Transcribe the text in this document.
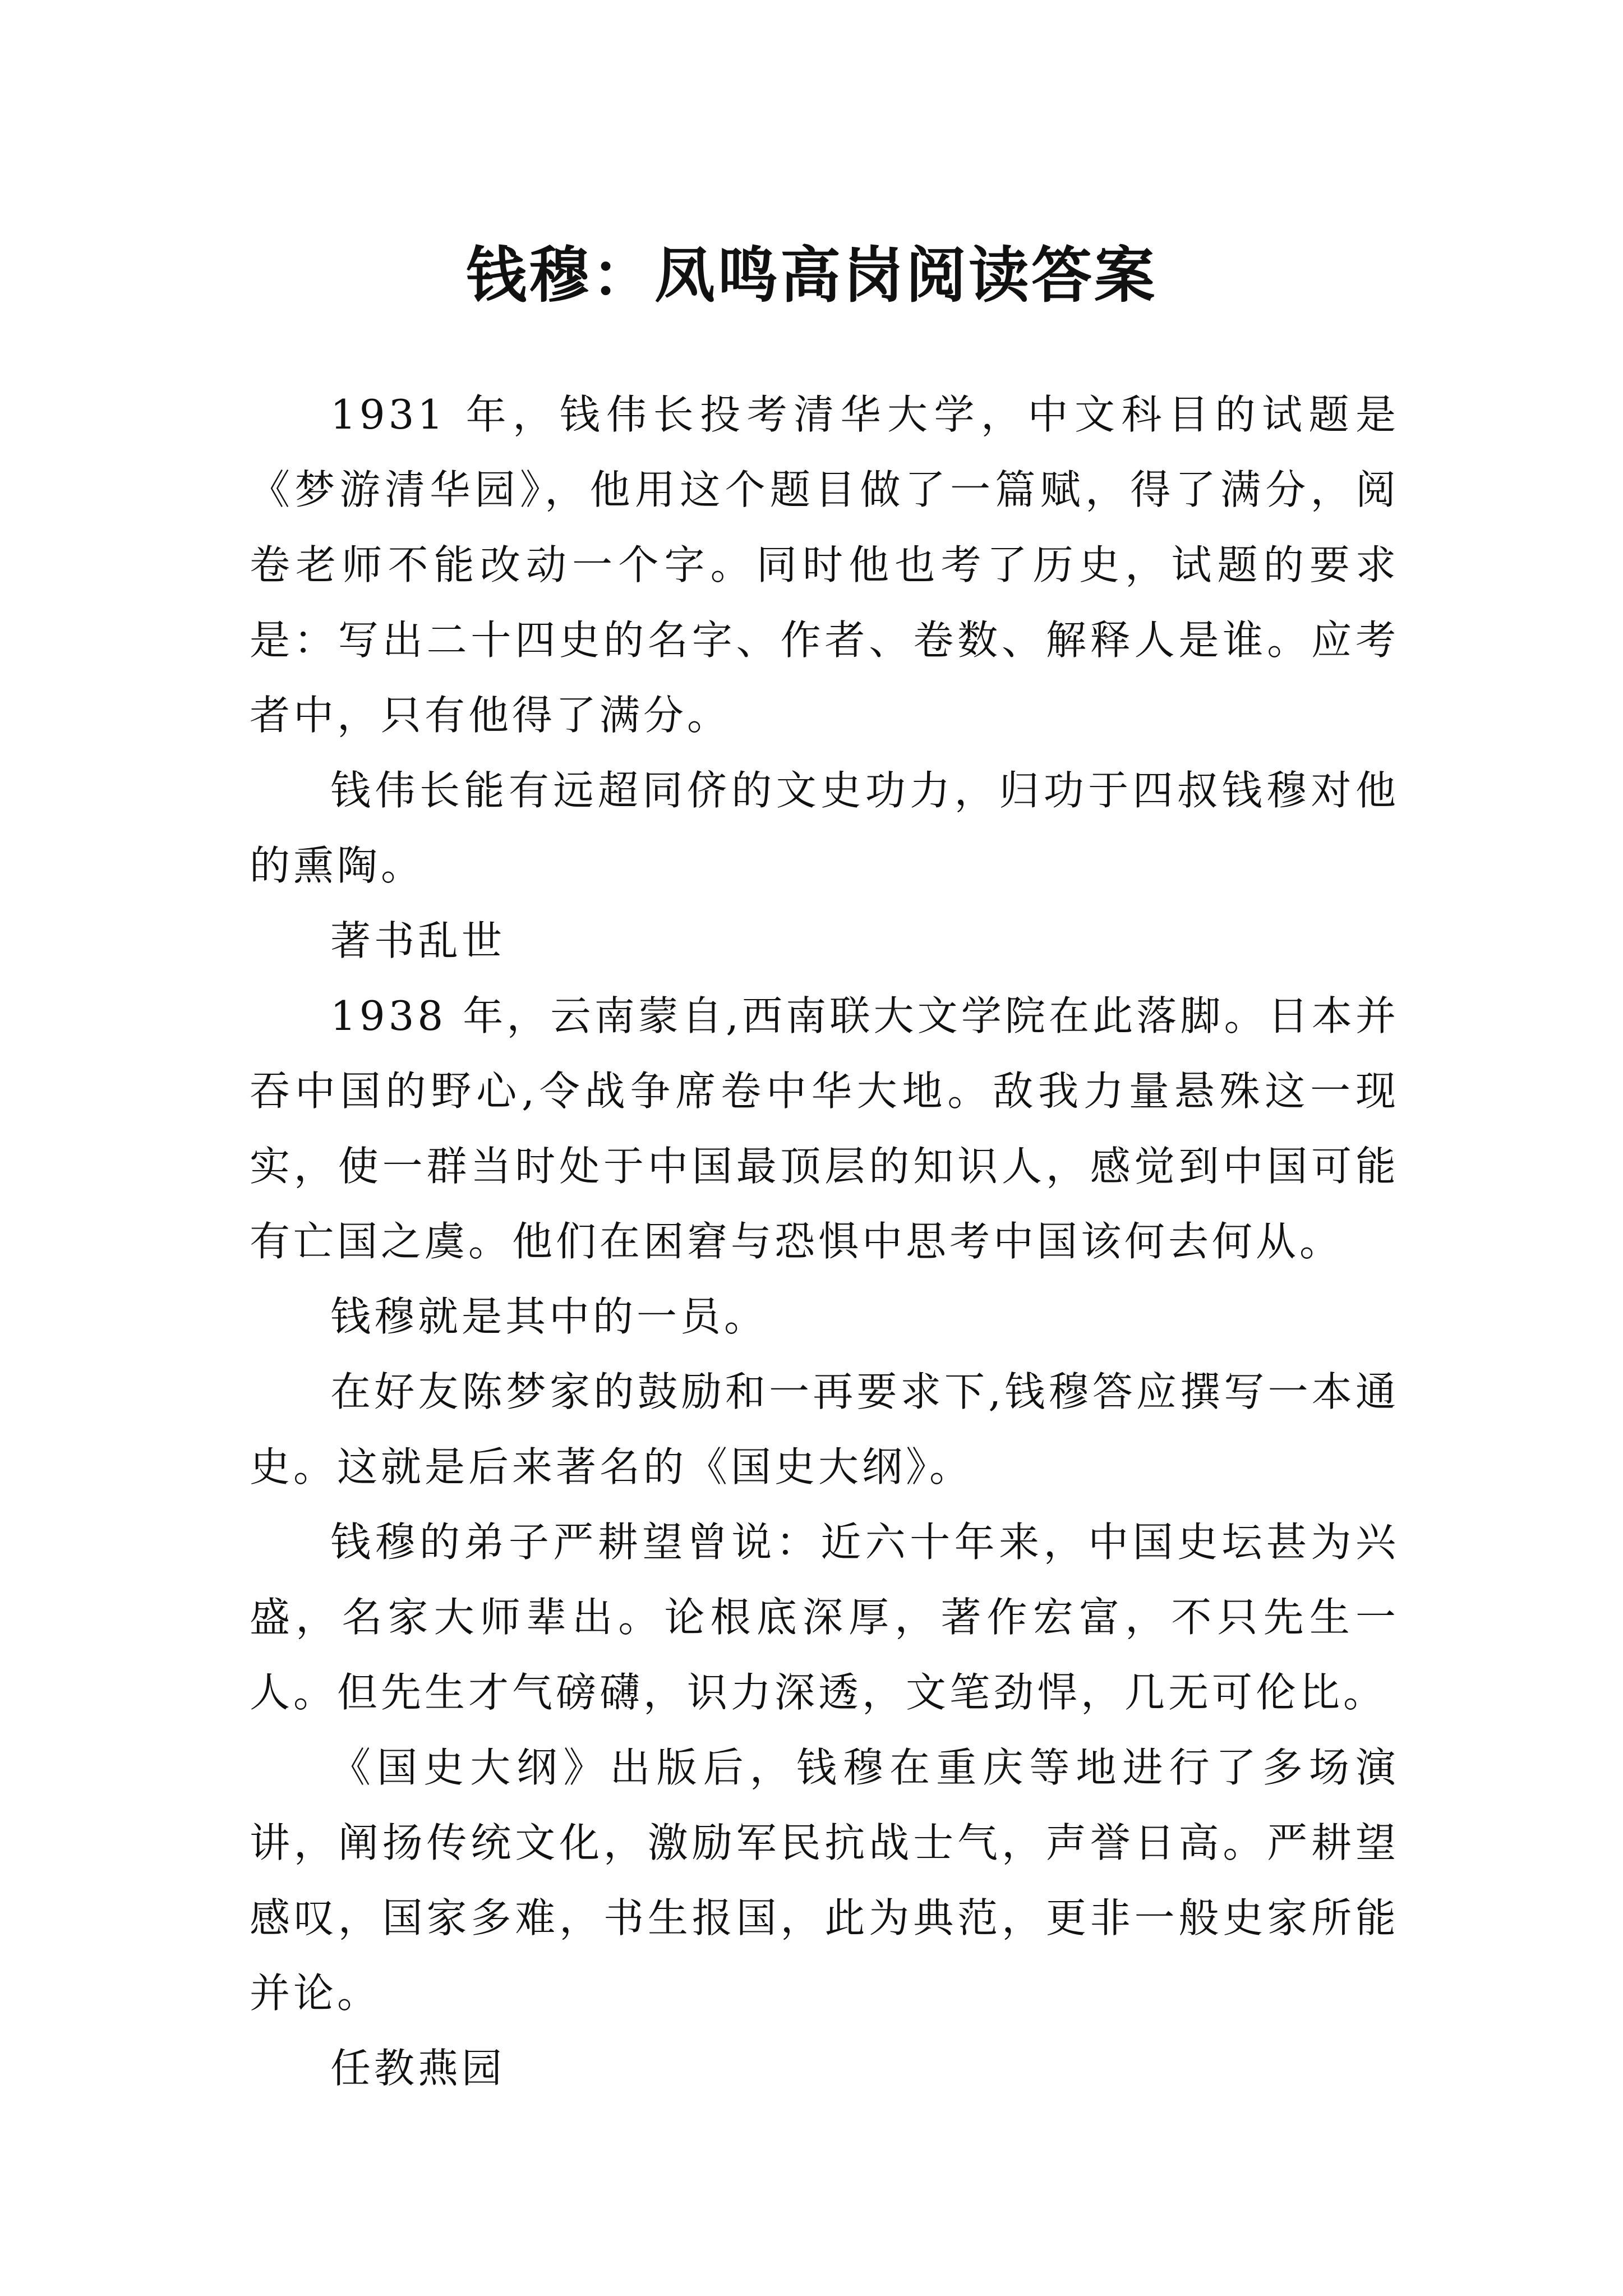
钱穆：凤鸣高岗阅读答案

1931 年，钱伟长投考清华大学，中文科目的试题是《梦游清华园》，他用这个题目做了一篇赋，得了满分，阅卷老师不能改动一个字。同时他也考了历史，试题的要求是：写出二十四史的名字、作者、卷数、解释人是谁。应考者中，只有他得了满分。

钱伟长能有远超同侪的文史功力，归功于四叔钱穆对他的熏陶。

著书乱世

1938 年，云南蒙自,西南联大文学院在此落脚。日本并吞中国的野心,令战争席卷中华大地。敌我力量悬殊这一现实，使一群当时处于中国最顶层的知识人，感觉到中国可能有亡国之虞。他们在困窘与恐惧中思考中国该何去何从。

钱穆就是其中的一员。

在好友陈梦家的鼓励和一再要求下,钱穆答应撰写一本通史。这就是后来著名的《国史大纲》。

钱穆的弟子严耕望曾说：近六十年来，中国史坛甚为兴盛，名家大师辈出。论根底深厚，著作宏富，不只先生一人。但先生才气磅礴，识力深透，文笔劲悍，几无可伦比。

《国史大纲》出版后，钱穆在重庆等地进行了多场演讲，阐扬传统文化，激励军民抗战士气，声誉日高。严耕望感叹，国家多难，书生报国，此为典范，更非一般史家所能并论。

任教燕园
